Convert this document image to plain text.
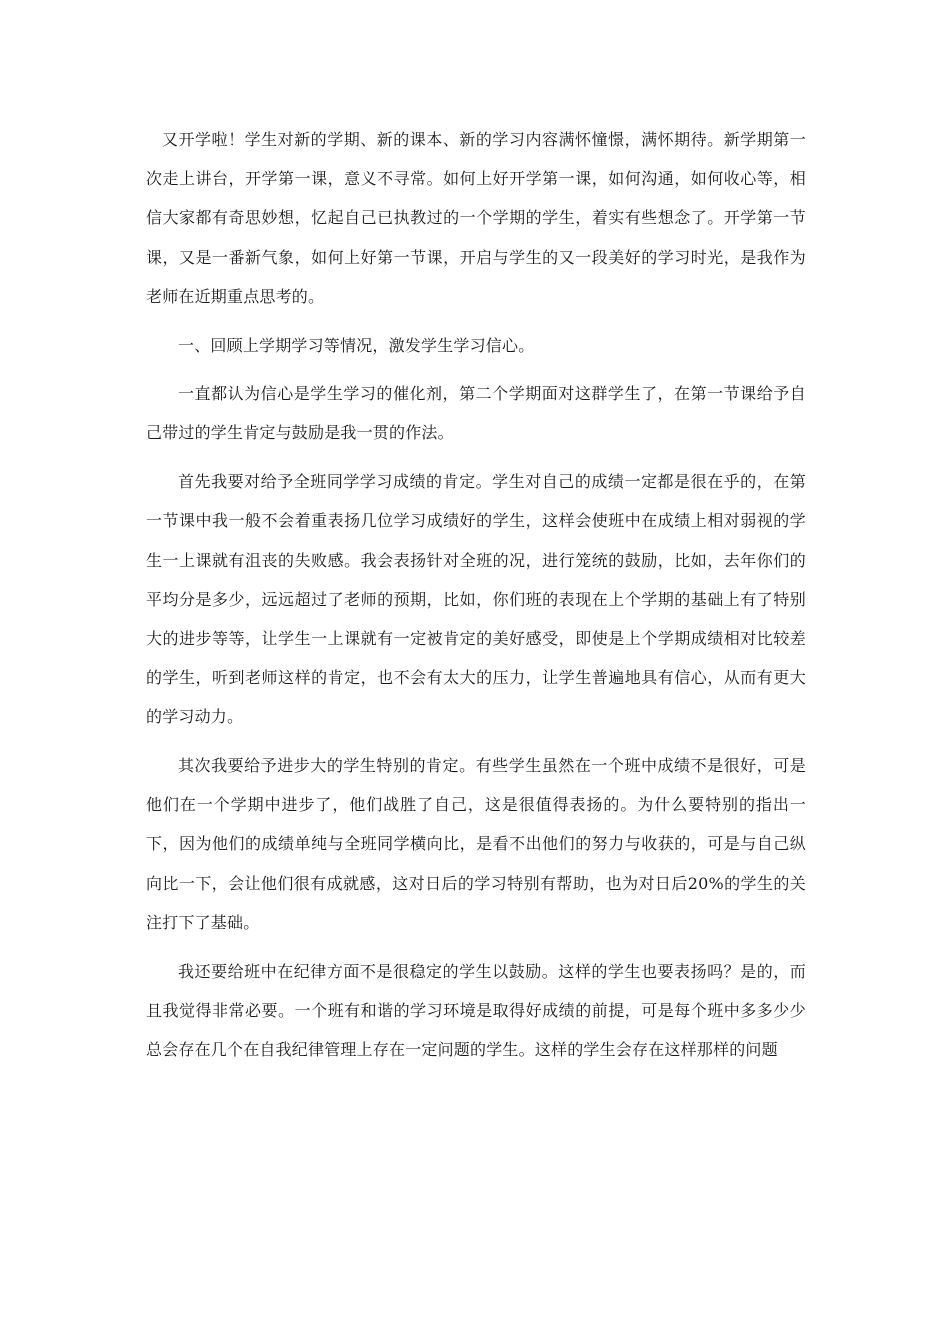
又开学啦！学生对新的学期、新的课本、新的学习内容满怀憧憬，满怀期待。新学期第一次走上讲台，开学第一课，意义不寻常。如何上好开学第一课，如何沟通，如何收心等，相信大家都有奇思妙想，忆起自己已执教过的一个学期的学生，着实有些想念了。开学第一节课，又是一番新气象，如何上好第一节课，开启与学生的又一段美好的学习时光，是我作为老师在近期重点思考的。

一、回顾上学期学习等情况，激发学生学习信心。

一直都认为信心是学生学习的催化剂，第二个学期面对这群学生了，在第一节课给予自己带过的学生肯定与鼓励是我一贯的作法。

首先我要对给予全班同学学习成绩的肯定。学生对自己的成绩一定都是很在乎的，在第一节课中我一般不会着重表扬几位学习成绩好的学生，这样会使班中在成绩上相对弱视的学生一上课就有沮丧的失败感。我会表扬针对全班的况，进行笼统的鼓励，比如，去年你们的平均分是多少，远远超过了老师的预期，比如，你们班的表现在上个学期的基础上有了特别大的进步等等，让学生一上课就有一定被肯定的美好感受，即使是上个学期成绩相对比较差的学生，听到老师这样的肯定，也不会有太大的压力，让学生普遍地具有信心，从而有更大的学习动力。

其次我要给予进步大的学生特别的肯定。有些学生虽然在一个班中成绩不是很好，可是他们在一个学期中进步了，他们战胜了自己，这是很值得表扬的。为什么要特别的指出一下，因为他们的成绩单纯与全班同学横向比，是看不出他们的努力与收获的，可是与自己纵向比一下，会让他们很有成就感，这对日后的学习特别有帮助，也为对日后20%的学生的关注打下了基础。

我还要给班中在纪律方面不是很稳定的学生以鼓励。这样的学生也要表扬吗？是的，而且我觉得非常必要。一个班有和谐的学习环境是取得好成绩的前提，可是每个班中多多少少总会存在几个在自我纪律管理上存在一定问题的学生。这样的学生会存在这样那样的问题
